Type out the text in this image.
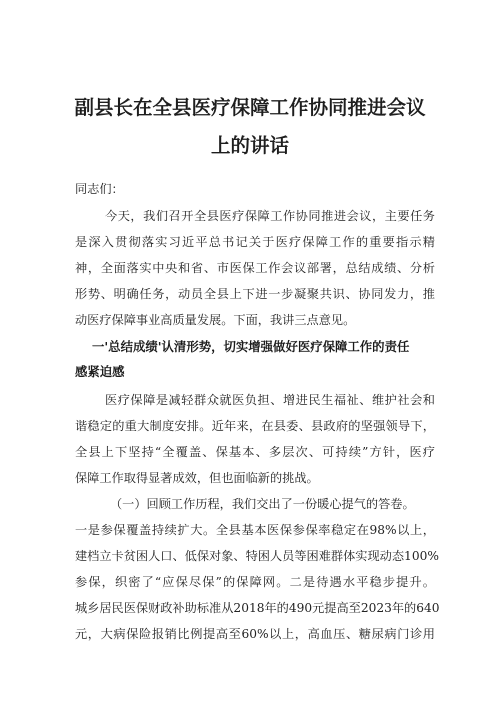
副县长在全县医疗保障工作协同推进会议
上的讲话

同志们：

今天，我们召开全县医疗保障工作协同推进会议，主要任务

是深入贯彻落实习近平总书记关于医疗保障工作的重要指示精

神，全面落实中央和省、市医保工作会议部署，总结成绩、分析

形势、明确任务，动员全县上下进一步凝聚共识、协同发力，推

动医疗保障事业高质量发展。下面，我讲三点意见。

一'总结成绩'认清形势，切实增强做好医疗保障工作的责任

感紧迫感

医疗保障是减轻群众就医负担、增进民生福祉、维护社会和

谐稳定的重大制度安排。近年来，在县委、县政府的坚强领导下，

全县上下坚持“全覆盖、保基本、多层次、可持续”方针，医疗

保障工作取得显著成效，但也面临新的挑战。

（一）回顾工作历程，我们交出了一份暖心提气的答卷。

一是参保覆盖持续扩大。全县基本医保参保率稳定在98%以上，

建档立卡贫困人口、低保对象、特困人员等困难群体实现动态100%

参保，织密了“应保尽保”的保障网。二是待遇水平稳步提升。

城乡居民医保财政补助标准从2018年的490元提高至2023年的640

元，大病保险报销比例提高至60%以上，高血压、糖尿病门诊用
